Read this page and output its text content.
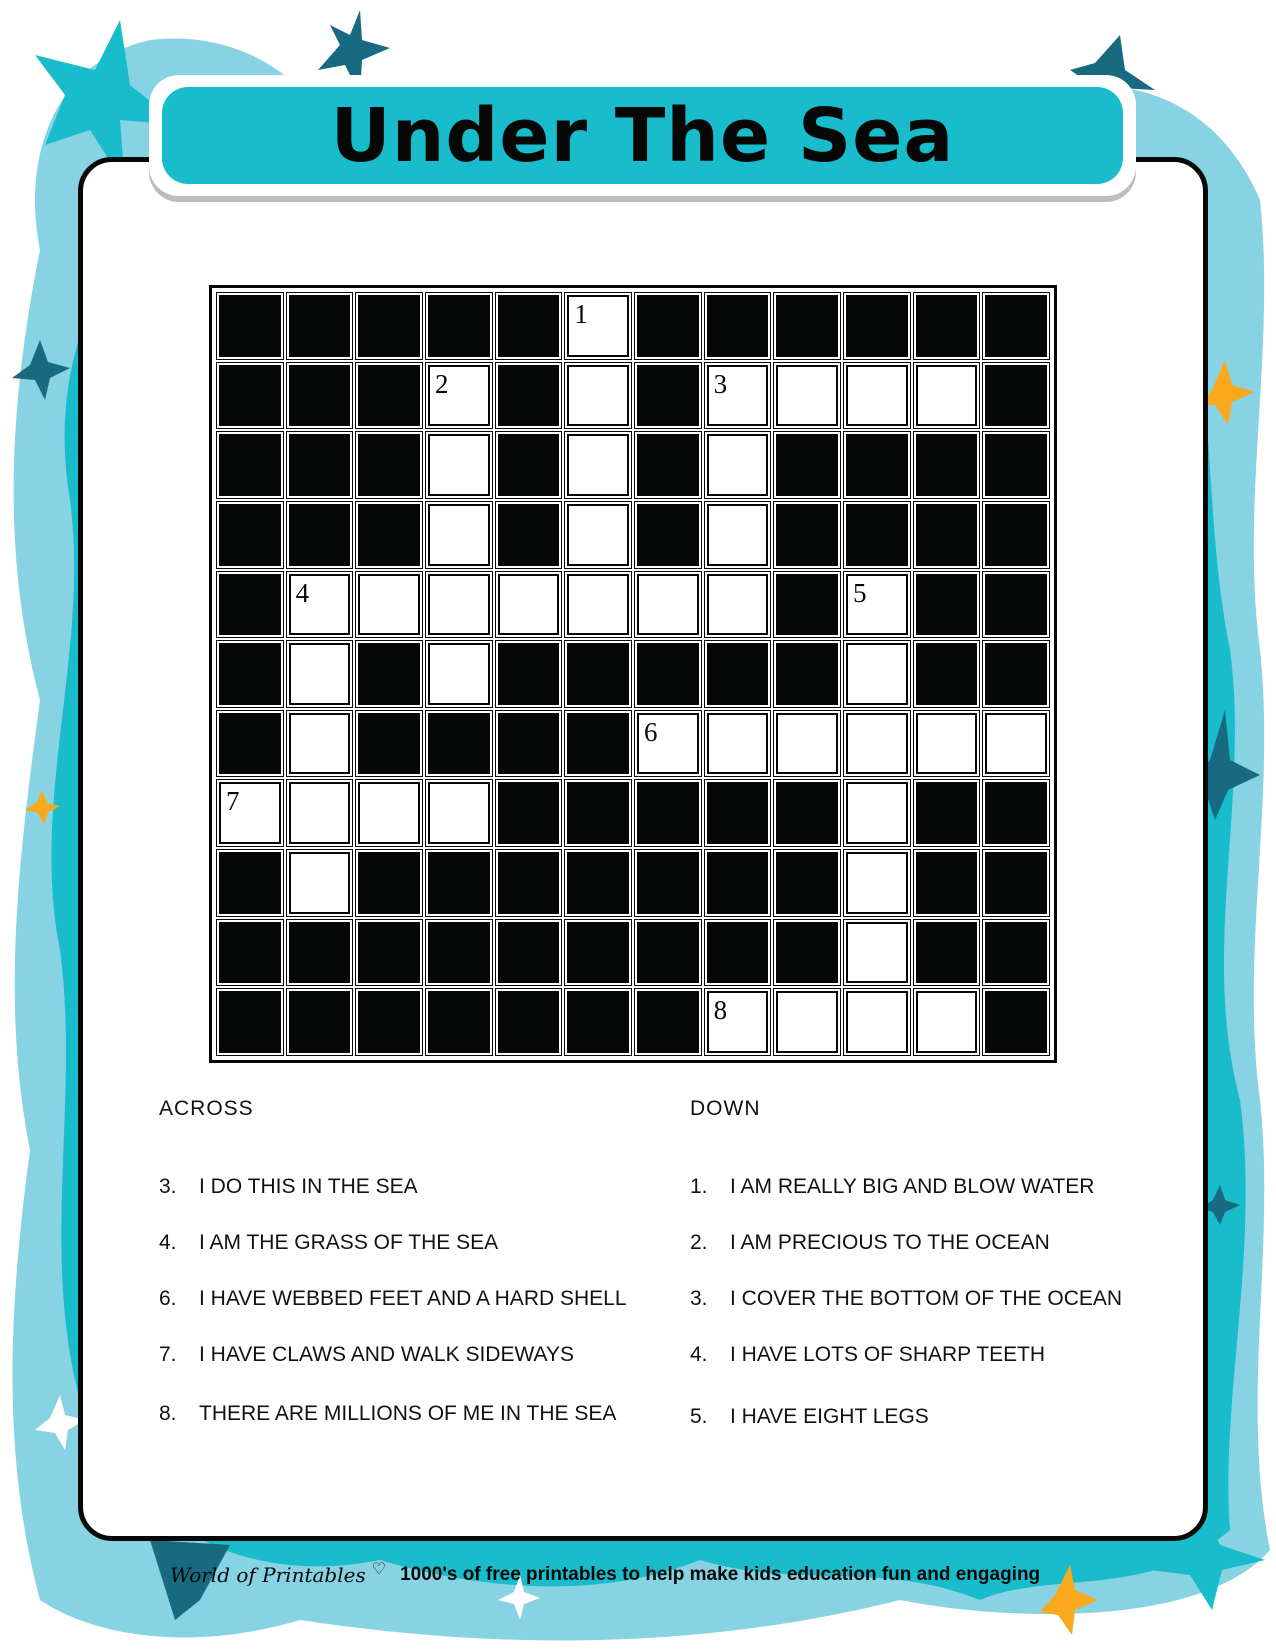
Under The Sea
1
2	3
4	5
6
7
8
ACROSS	DOWN
3. I DO THIS IN THE SEA
4. I AM THE GRASS OF THE SEA
6. I HAVE WEBBED FEET AND A HARD SHELL
7. I HAVE CLAWS AND WALK SIDEWAYS
8. THERE ARE MILLIONS OF ME IN THE SEA
1. I AM REALLY BIG AND BLOW WATER
2. I AM PRECIOUS TO THE OCEAN
3. I COVER THE BOTTOM OF THE OCEAN
4. I HAVE LOTS OF SHARP TEETH
5. I HAVE EIGHT LEGS
World of Printables ♡ 1000's of free printables to help make kids education fun and engaging
